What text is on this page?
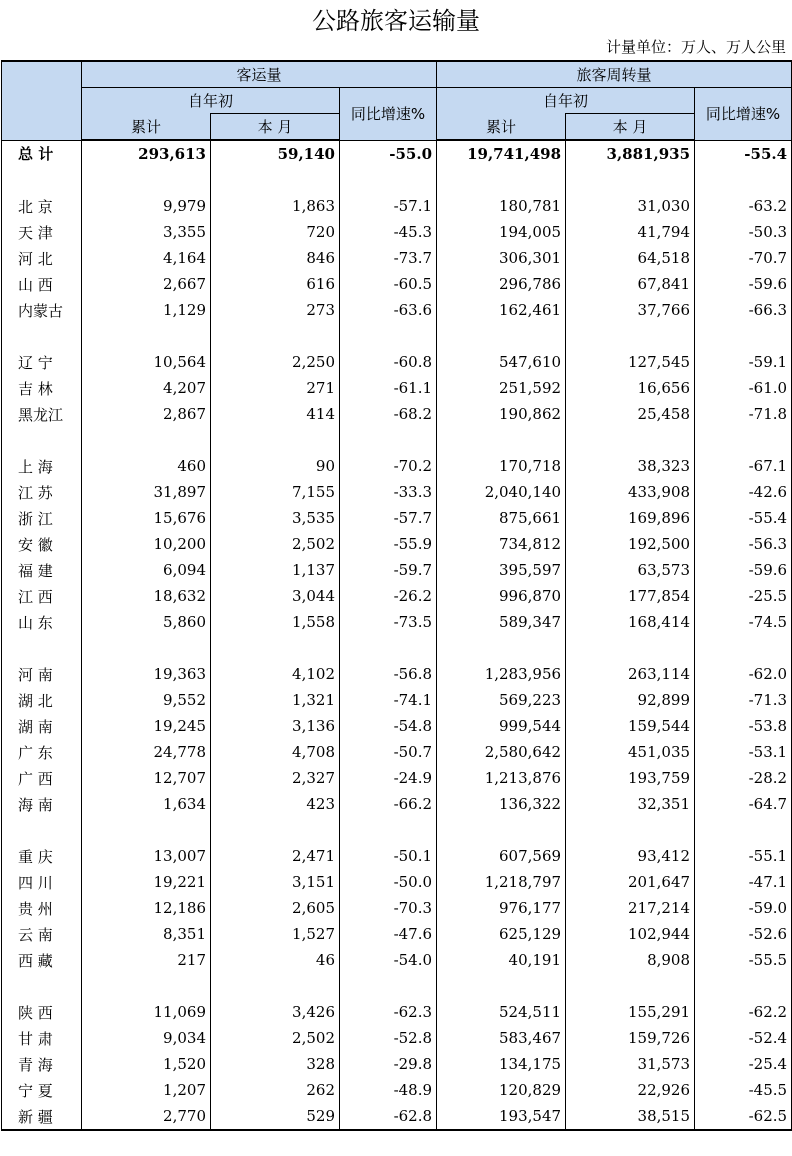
公路旅客运输量
计量单位：万人、万人公里
	客运量			旅客周转量		
	自年初		同比增速%	自年初		同比增速%
	累计	本 月		累计	本 月	
总 计	293,613	59,140	-55.0	19,741,498	3,881,935	-55.4

北 京	9,979	1,863	-57.1	180,781	31,030	-63.2
天 津	3,355	720	-45.3	194,005	41,794	-50.3
河 北	4,164	846	-73.7	306,301	64,518	-70.7
山 西	2,667	616	-60.5	296,786	67,841	-59.6
内蒙古	1,129	273	-63.6	162,461	37,766	-66.3

辽 宁	10,564	2,250	-60.8	547,610	127,545	-59.1
吉 林	4,207	271	-61.1	251,592	16,656	-61.0
黑龙江	2,867	414	-68.2	190,862	25,458	-71.8

上 海	460	90	-70.2	170,718	38,323	-67.1
江 苏	31,897	7,155	-33.3	2,040,140	433,908	-42.6
浙 江	15,676	3,535	-57.7	875,661	169,896	-55.4
安 徽	10,200	2,502	-55.9	734,812	192,500	-56.3
福 建	6,094	1,137	-59.7	395,597	63,573	-59.6
江 西	18,632	3,044	-26.2	996,870	177,854	-25.5
山 东	5,860	1,558	-73.5	589,347	168,414	-74.5

河 南	19,363	4,102	-56.8	1,283,956	263,114	-62.0
湖 北	9,552	1,321	-74.1	569,223	92,899	-71.3
湖 南	19,245	3,136	-54.8	999,544	159,544	-53.8
广 东	24,778	4,708	-50.7	2,580,642	451,035	-53.1
广 西	12,707	2,327	-24.9	1,213,876	193,759	-28.2
海 南	1,634	423	-66.2	136,322	32,351	-64.7

重 庆	13,007	2,471	-50.1	607,569	93,412	-55.1
四 川	19,221	3,151	-50.0	1,218,797	201,647	-47.1
贵 州	12,186	2,605	-70.3	976,177	217,214	-59.0
云 南	8,351	1,527	-47.6	625,129	102,944	-52.6
西 藏	217	46	-54.0	40,191	8,908	-55.5

陕 西	11,069	3,426	-62.3	524,511	155,291	-62.2
甘 肃	9,034	2,502	-52.8	583,467	159,726	-52.4
青 海	1,520	328	-29.8	134,175	31,573	-25.4
宁 夏	1,207	262	-48.9	120,829	22,926	-45.5
新 疆	2,770	529	-62.8	193,547	38,515	-62.5
